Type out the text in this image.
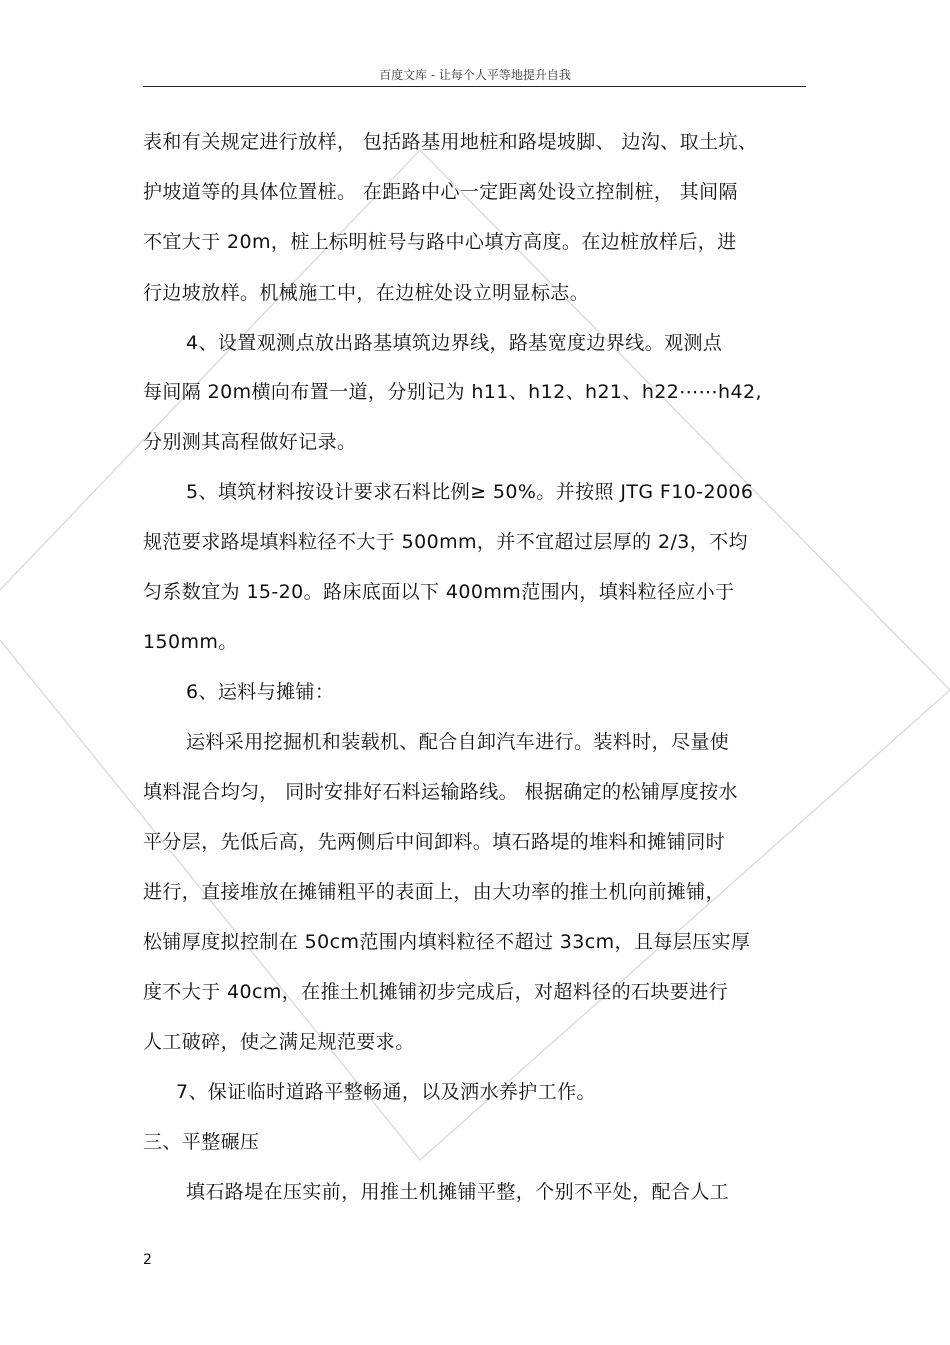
百度文库 - 让每个人平等地提升自我
表和有关规定进行放样， 包括路基用地桩和路堤坡脚、 边沟、取土坑、
护坡道等的具体位置桩。 在距路中心一定距离处设立控制桩， 其间隔
不宜大于 20m，桩上标明桩号与路中心填方高度。在边桩放样后，进
行边坡放样。机械施工中，在边桩处设立明显标志。
4、设置观测点放出路基填筑边界线，路基宽度边界线。观测点
每间隔 20m横向布置一道，分别记为 h11、h12、h21、h22⋯⋯h42,
分别测其高程做好记录。
5、填筑材料按设计要求石料比例≥ 50%。并按照 JTG F10-2006
规范要求路堤填料粒径不大于 500mm，并不宜超过层厚的 2/3，不均
匀系数宜为 15-20。路床底面以下 400mm范围内，填料粒径应小于
150mm。
6、运料与摊铺：
运料采用挖掘机和装载机、配合自卸汽车进行。装料时，尽量使
填料混合均匀， 同时安排好石料运输路线。 根据确定的松铺厚度按水
平分层，先低后高，先两侧后中间卸料。填石路堤的堆料和摊铺同时
进行，直接堆放在摊铺粗平的表面上，由大功率的推土机向前摊铺，
松铺厚度拟控制在 50cm范围内填料粒径不超过 33cm，且每层压实厚
度不大于 40cm，在推土机摊铺初步完成后，对超料径的石块要进行
人工破碎，使之满足规范要求。
7、保证临时道路平整畅通，以及洒水养护工作。
三、平整碾压
填石路堤在压实前，用推土机摊铺平整，个别不平处，配合人工
2
